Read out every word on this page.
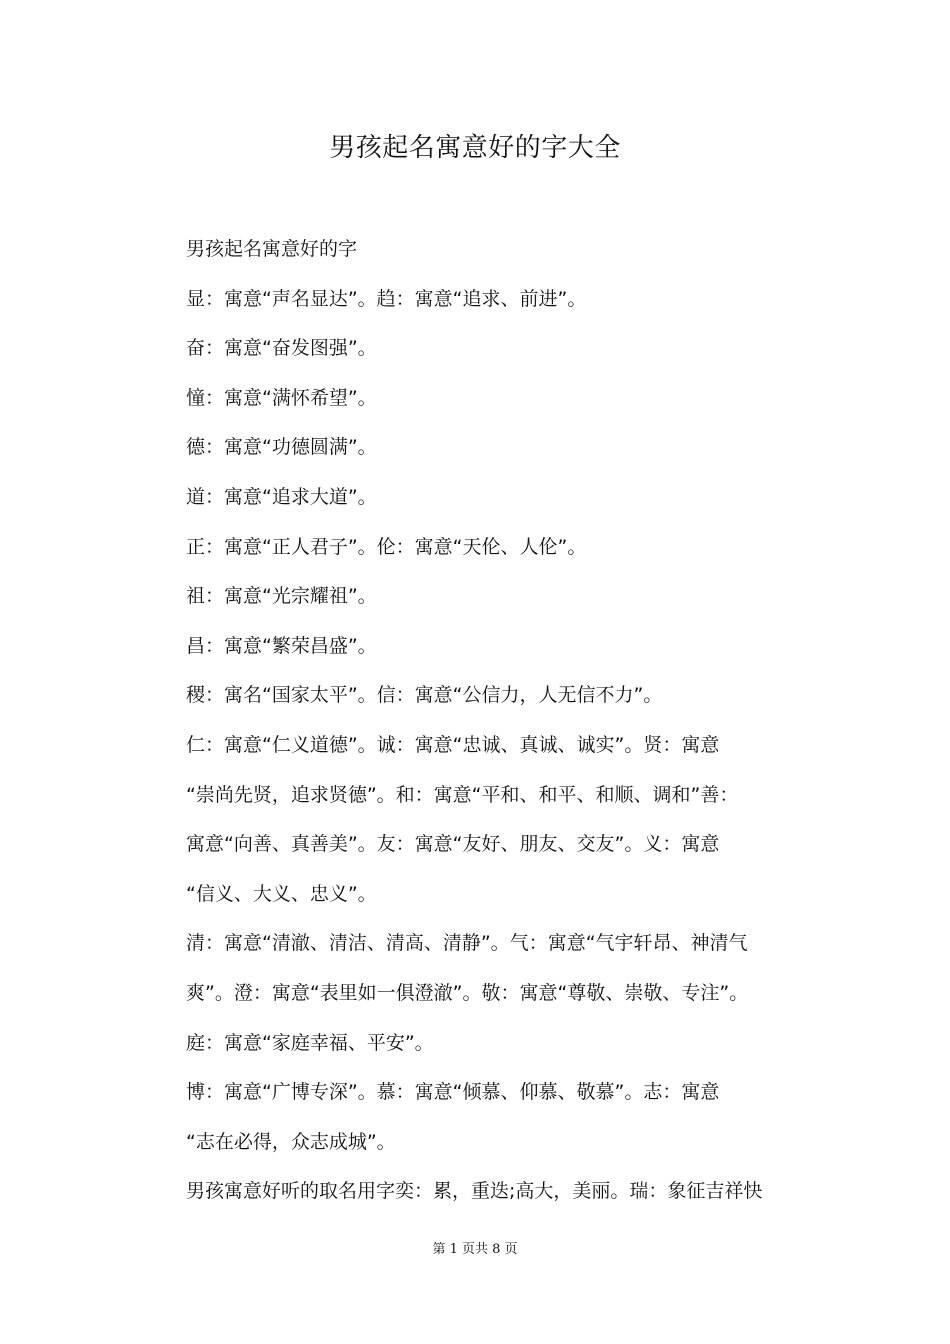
男孩起名寓意好的字大全
男孩起名寓意好的字
显：寓意“声名显达”。趋：寓意“追求、前进”。
奋：寓意“奋发图强”。
憧：寓意“满怀希望”。
德：寓意“功德圆满”。
道：寓意“追求大道”。
正：寓意“正人君子”。伦：寓意“天伦、人伦”。
祖：寓意“光宗耀祖”。
昌：寓意“繁荣昌盛”。
稷：寓名“国家太平”。信：寓意“公信力，人无信不力”。
仁：寓意“仁义道德”。诚：寓意“忠诚、真诚、诚实”。贤：寓意
“崇尚先贤，追求贤德”。和：寓意“平和、和平、和顺、调和”善：
寓意“向善、真善美”。友：寓意“友好、朋友、交友”。义：寓意
“信义、大义、忠义”。
清：寓意“清澈、清洁、清高、清静”。气：寓意“气宇轩昂、神清气
爽”。澄：寓意“表里如一俱澄澈”。敬：寓意“尊敬、崇敬、专注”。
庭：寓意“家庭幸福、平安”。
博：寓意“广博专深”。慕：寓意“倾慕、仰慕、敬慕”。志：寓意
“志在必得，众志成城”。
男孩寓意好听的取名用字奕：累，重迭;高大，美丽。瑞：象征吉祥快
第 1 页共 8 页
